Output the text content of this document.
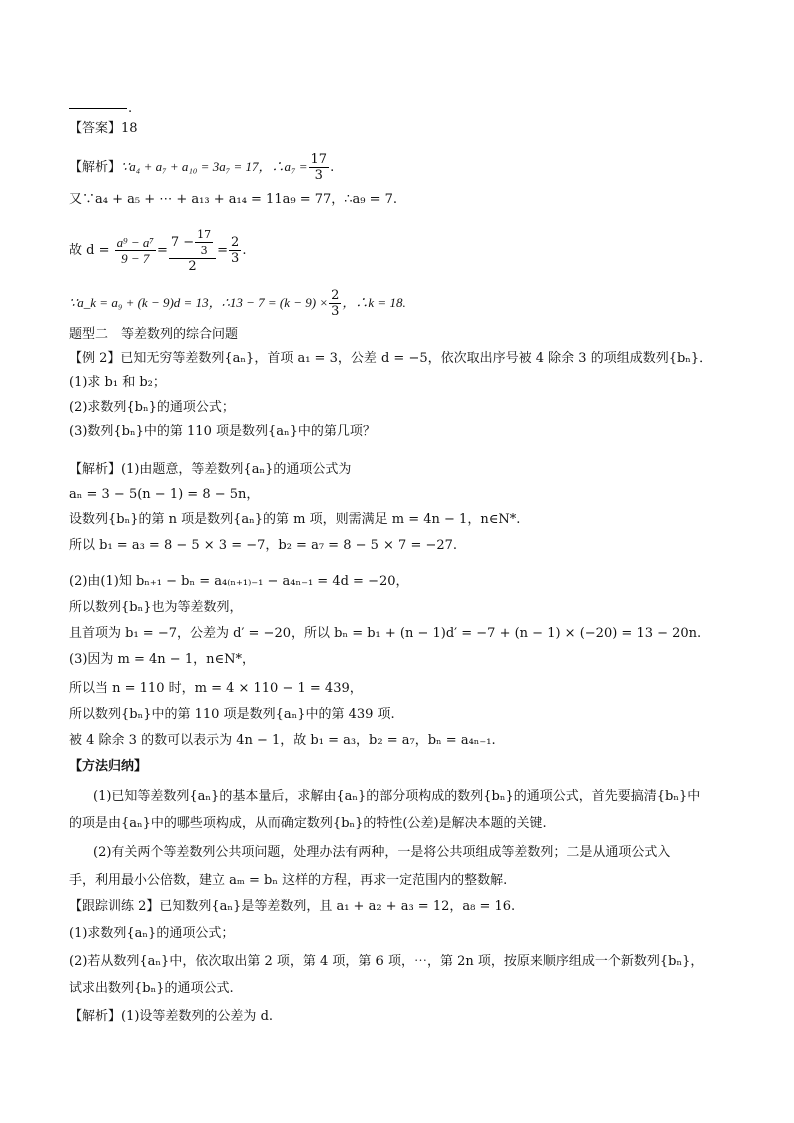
.
【答案】18
【解析】∵a₄ + a₇ + a₁₀ = 3a₇ = 17，∴a₇ = $\frac{17}{3}$ .
又∵a₄ + a₅ + ⋯ + a₁₃ + a₁₄ = 11a₉ = 77，∴a₉ = 7.
故 $d = \frac{\text{a⁹ − a⁷}}{9 - 7} = \frac{7 - \frac{17}{3}}{2} = \frac{2}{3}$ .
∵a_k = a₉ + (k − 9)d = 13，∴13 − $7 = (k - 9) \times \frac{2}{3}$ ，∴k = 18.
题型二　等差数列的综合问题
【例 2】已知无穷等差数列{aₙ}，首项 a₁ = 3，公差 d = −5，依次取出序号被 4 除余 3 的项组成数列{bₙ}．
(1)求 b₁ 和 b₂；
(2)求数列{bₙ}的通项公式；
(3)数列{bₙ}中的第 110 项是数列{aₙ}中的第几项？
【解析】(1)由题意，等差数列{aₙ}的通项公式为
aₙ = 3 − 5(n − 1) = 8 − 5n，
设数列{bₙ}的第 n 项是数列{aₙ}的第 m 项，则需满足 m = 4n − 1，n∈N*.
所以 b₁ = a₃ = 8 − 5 × 3 = −7，b₂ = a₇ = 8 − 5 × 7 = −27.
(2)由(1)知 bₙ₊₁ − bₙ = a₄₍ₙ₊₁₎₋₁ − a₄ₙ₋₁ = 4d = −20，
所以数列{bₙ}也为等差数列，
且首项为 b₁ = −7，公差为 d′ = −20，所以 bₙ = b₁ + (n − 1)d′ = −7 + (n − 1) × (−20) = 13 − 20n.
(3)因为 m = 4n − 1，n∈N*，
所以当 n = 110 时，m = 4 × 110 − 1 = 439，
所以数列{bₙ}中的第 110 项是数列{aₙ}中的第 439 项.
被 4 除余 3 的数可以表示为 4n − 1，故 b₁ = a₃，b₂ = a₇，bₙ = a₄ₙ₋₁.
【方法归纳】
(1)已知等差数列{aₙ}的基本量后，求解由{aₙ}的部分项构成的数列{bₙ}的通项公式，首先要搞清{bₙ}中
的项是由{aₙ}中的哪些项构成，从而确定数列{bₙ}的特性(公差)是解决本题的关键.
(2)有关两个等差数列公共项问题，处理办法有两种，一是将公共项组成等差数列；二是从通项公式入
手，利用最小公倍数，建立 aₘ = bₙ 这样的方程，再求一定范围内的整数解.
【跟踪训练 2】已知数列{aₙ}是等差数列，且 a₁ + a₂ + a₃ = 12，a₈ = 16.
(1)求数列{aₙ}的通项公式；
(2)若从数列{aₙ}中，依次取出第 2 项，第 4 项，第 6 项，⋯，第 2n 项，按原来顺序组成一个新数列{bₙ}，
试求出数列{bₙ}的通项公式.
【解析】(1)设等差数列的公差为 d.
